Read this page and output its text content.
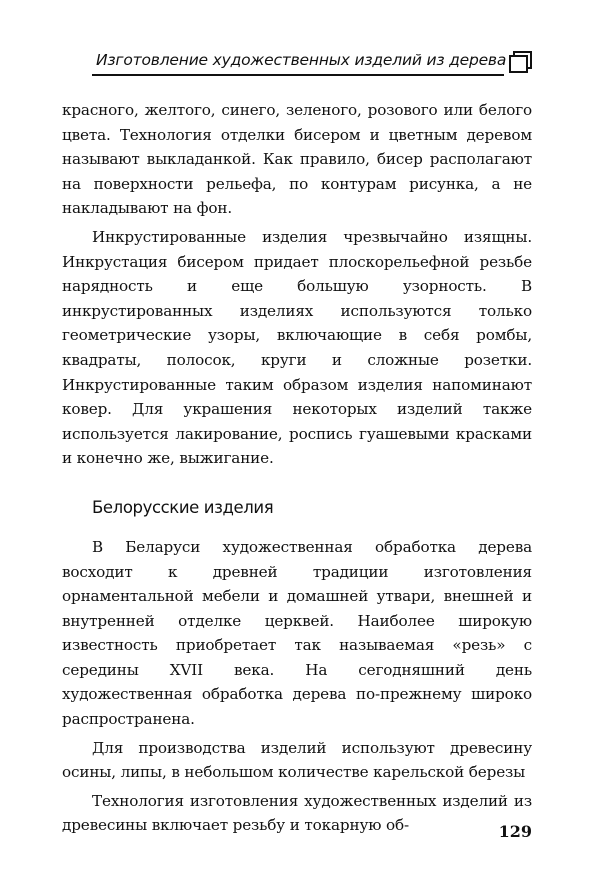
Изготовление художественных изделий из дерева

красного, желтого, синего, зеленого, розового или белого цвета. Технология отделки бисером и цветным деревом называют выкладанкой. Как правило, бисер располагают на поверхности рельефа, по контурам рисунка, а не накладывают на фон.

Инкрустированные изделия чрезвычайно изящны. Инкрустация бисером придает плоскорельефной резьбе нарядность и еще большую узорность. В инкрустированных изделиях используются только геометрические узоры, включающие в себя ромбы, квадраты, полосок, круги и сложные розетки. Инкрустированные таким образом изделия напоминают ковер. Для украшения некоторых изделий также используется лакирование, роспись гуашевыми красками и конечно же, выжигание.

Белорусские изделия

В Беларуси художественная обработка дерева восходит к древней традиции изготовления орнаментальной мебели и домашней утвари, внешней и внутренней отделке церквей. Наиболее широкую известность приобретает так называемая «резь» с середины XVII века. На сегодняшний день художественная обработка дерева по-прежнему широко распространена.

Для производства изделий используют древесину осины, липы, в небольшом количестве карельской березы

Технология изготовления художественных изделий из древесины включает резьбу и токарную об-	129
